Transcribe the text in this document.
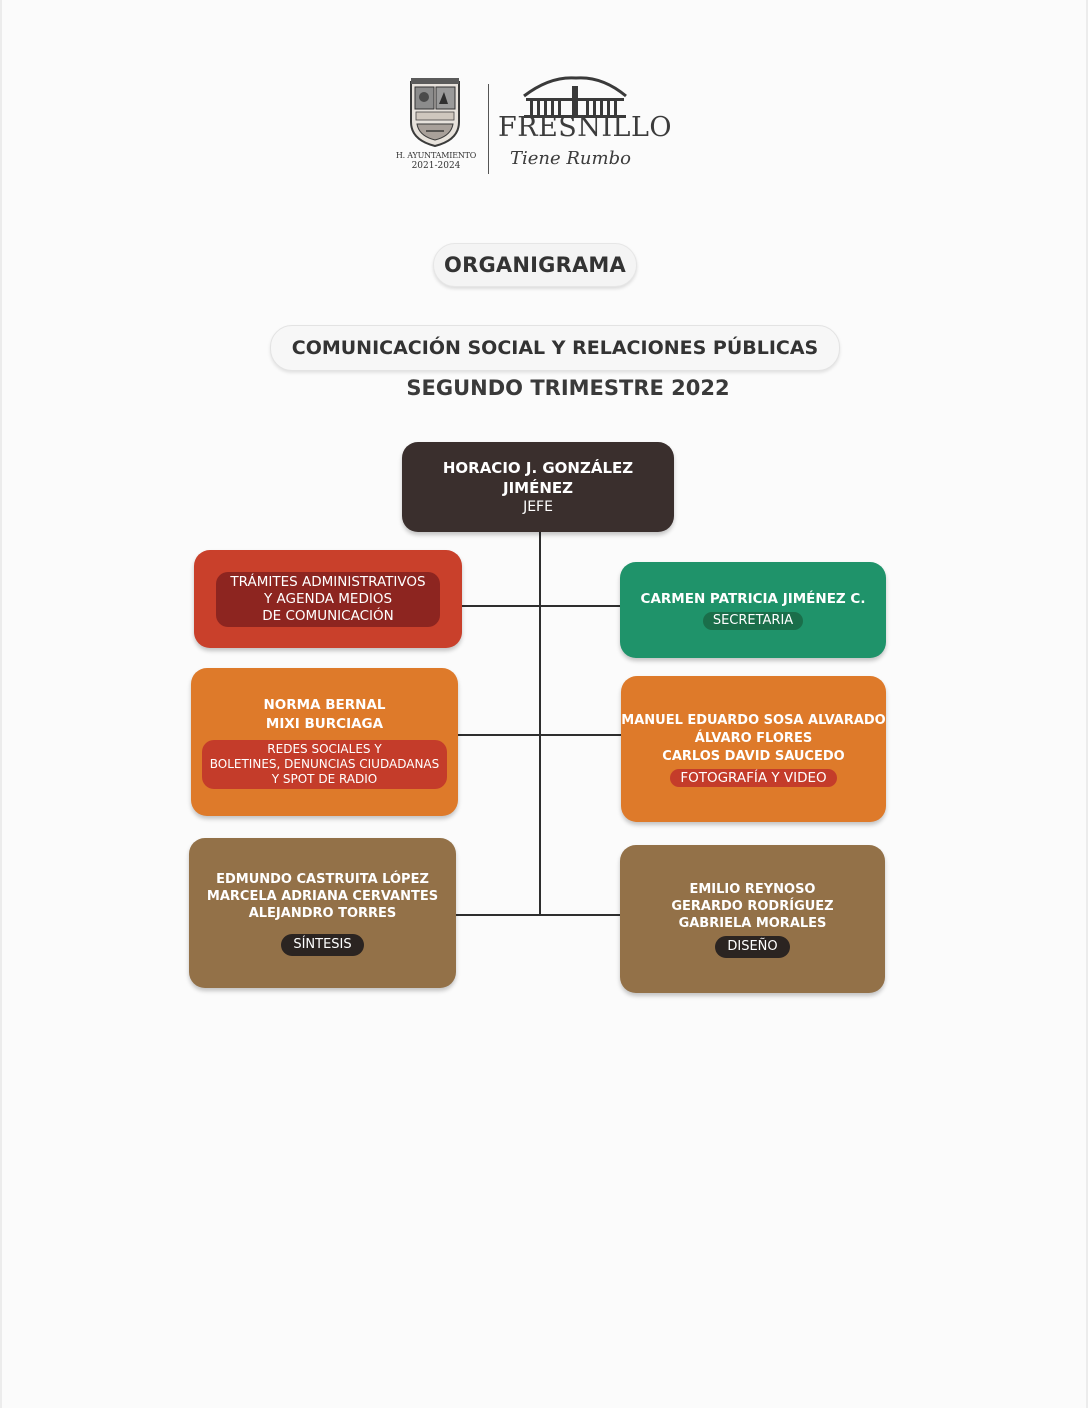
H. AYUNTAMIENTO
2021-2024
FRESNILLO
Tiene Rumbo
ORGANIGRAMA
COMUNICACIÓN SOCIAL Y RELACIONES PÚBLICAS
SEGUNDO TRIMESTRE 2022
HORACIO J. GONZÁLEZ
JIMÉNEZ
JEFE
TRÁMITES ADMINISTRATIVOS
Y AGENDA MEDIOS
DE COMUNICACIÓN
CARMEN PATRICIA JIMÉNEZ C.
SECRETARIA
NORMA BERNAL
MIXI BURCIAGA
REDES SOCIALES Y
BOLETINES, DENUNCIAS CIUDADANAS
Y SPOT DE RADIO
MANUEL EDUARDO SOSA ALVARADO
ÁLVARO FLORES
CARLOS DAVID SAUCEDO
FOTOGRAFÍA Y VIDEO
EDMUNDO CASTRUITA LÓPEZ
MARCELA ADRIANA CERVANTES
ALEJANDRO TORRES
SÍNTESIS
EMILIO REYNOSO
GERARDO RODRÍGUEZ
GABRIELA MORALES
DISEÑO
